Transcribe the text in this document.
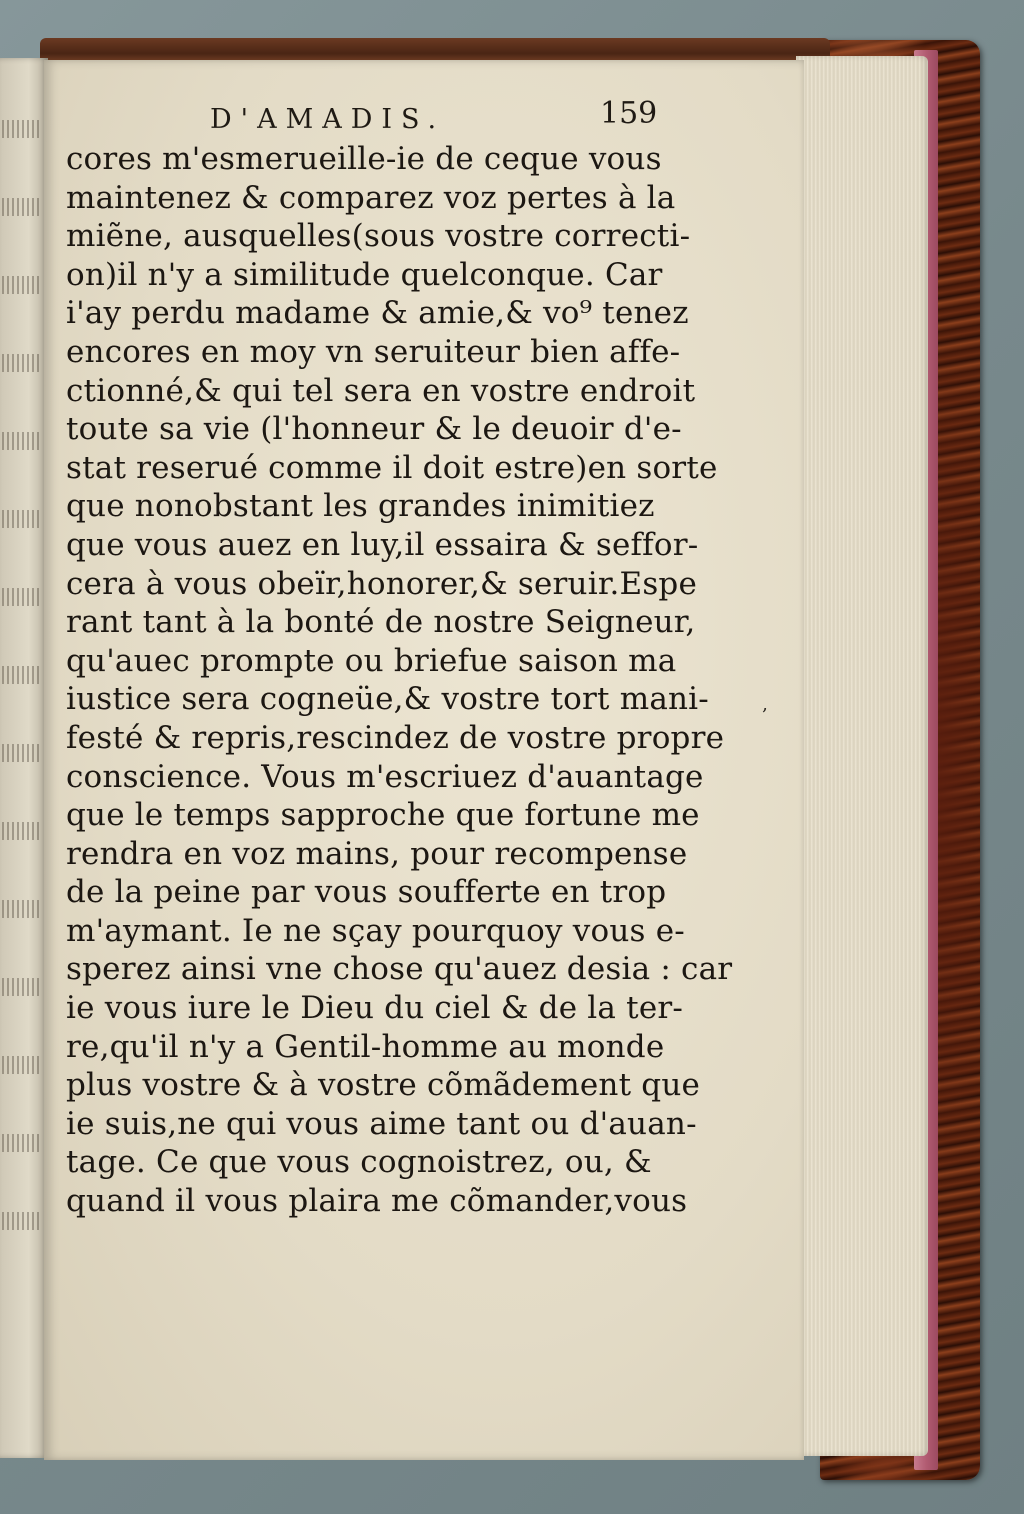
D'AMADIS.	159
cores m'esmerueille-ie de ceque vous
maintenez & comparez voz pertes à la
miẽne, ausquelles(sous vostre correcti-
on)il n'y a similitude quelconque. Car
i'ay perdu madame & amie,& vo⁹ tenez
encores en moy vn seruiteur bien affe-
ctionné,& qui tel sera en vostre endroit
toute sa vie (l'honneur & le deuoir d'e-
stat reserué comme il doit estre)en sorte
que nonobstant les grandes inimitiez
que vous auez en luy,il essaira & seffor-
cera à vous obeïr,honorer,& seruir.Espe
rant tant à la bonté de nostre Seigneur,
qu'auec prompte ou briefue saison ma
iustice sera cogneüe,& vostre tort mani-
festé & repris,rescindez de vostre propre
conscience. Vous m'escriuez d'auantage
que le temps sapproche que fortune me
rendra en voz mains, pour recompense
de la peine par vous soufferte en trop
m'aymant. Ie ne sçay pourquoy vous e-
sperez ainsi vne chose qu'auez desia : car
ie vous iure le Dieu du ciel & de la ter-
re,qu'il n'y a Gentil-homme au monde
plus vostre & à vostre cõmãdement que
ie suis,ne qui vous aime tant ou d'auan-
tage. Ce que vous cognoistrez, ou, &
quand il vous plaira me cõmander,vous
‚
